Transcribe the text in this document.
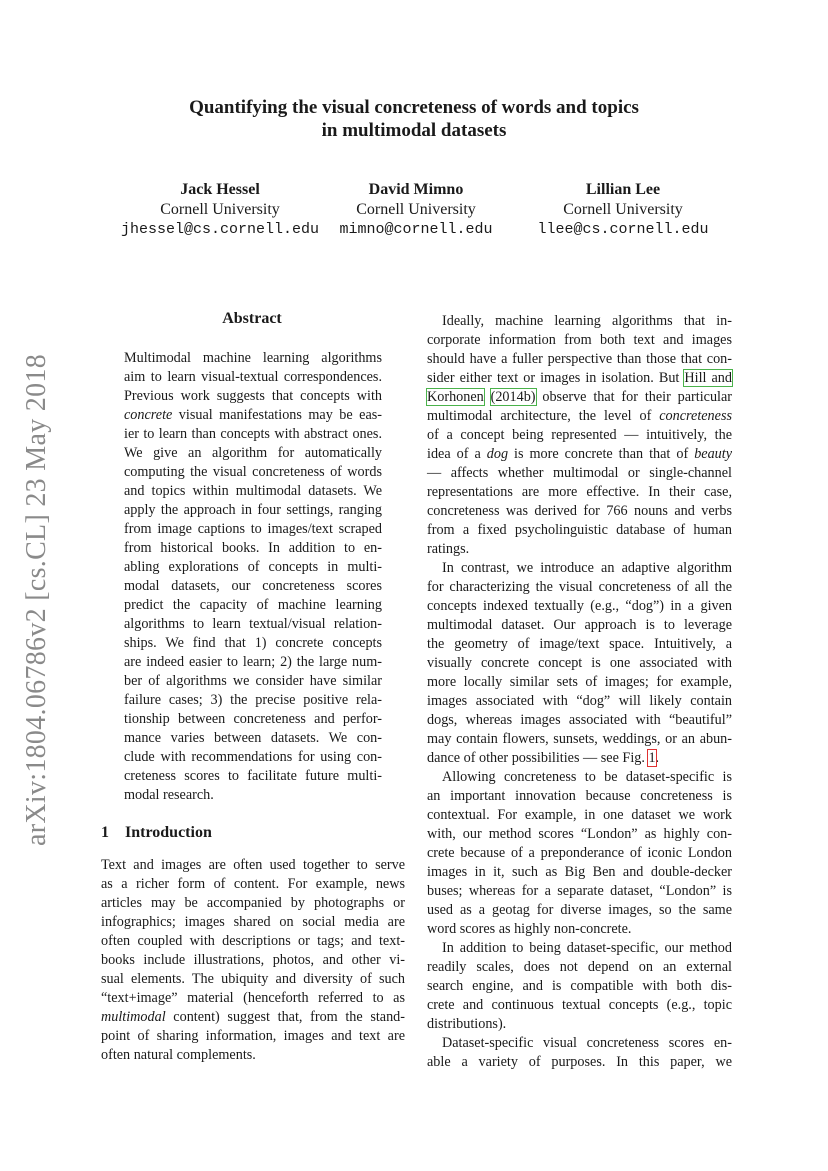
Quantifying the visual concreteness of words and topics
in multimodal datasets
Jack Hessel
Cornell University
jhessel@cs.cornell.edu
David Mimno
Cornell University
mimno@cornell.edu
Lillian Lee
Cornell University
llee@cs.cornell.edu
arXiv:1804.06786v2 [cs.CL] 23 May 2018
Abstract
Multimodal machine learning algorithms
aim to learn visual-textual correspondences.
Previous work suggests that concepts with
concrete visual manifestations may be eas-
ier to learn than concepts with abstract ones.
We give an algorithm for automatically
computing the visual concreteness of words
and topics within multimodal datasets. We
apply the approach in four settings, ranging
from image captions to images/text scraped
from historical books. In addition to en-
abling explorations of concepts in multi-
modal datasets, our concreteness scores
predict the capacity of machine learning
algorithms to learn textual/visual relation-
ships. We find that 1) concrete concepts
are indeed easier to learn; 2) the large num-
ber of algorithms we consider have similar
failure cases; 3) the precise positive rela-
tionship between concreteness and perfor-
mance varies between datasets. We con-
clude with recommendations for using con-
creteness scores to facilitate future multi-
modal research.
1 Introduction
Text and images are often used together to serve
as a richer form of content. For example, news
articles may be accompanied by photographs or
infographics; images shared on social media are
often coupled with descriptions or tags; and text-
books include illustrations, photos, and other vi-
sual elements. The ubiquity and diversity of such
“text+image” material (henceforth referred to as
multimodal content) suggest that, from the stand-
point of sharing information, images and text are
often natural complements.
Ideally, machine learning algorithms that in-
corporate information from both text and images
should have a fuller perspective than those that con-
sider either text or images in isolation. But Hill and
Korhonen (2014b) observe that for their particular
multimodal architecture, the level of concreteness
of a concept being represented — intuitively, the
idea of a dog is more concrete than that of beauty
— affects whether multimodal or single-channel
representations are more effective. In their case,
concreteness was derived for 766 nouns and verbs
from a fixed psycholinguistic database of human
ratings.
In contrast, we introduce an adaptive algorithm
for characterizing the visual concreteness of all the
concepts indexed textually (e.g., “dog”) in a given
multimodal dataset. Our approach is to leverage
the geometry of image/text space. Intuitively, a
visually concrete concept is one associated with
more locally similar sets of images; for example,
images associated with “dog” will likely contain
dogs, whereas images associated with “beautiful”
may contain flowers, sunsets, weddings, or an abun-
dance of other possibilities — see Fig. 1.
Allowing concreteness to be dataset-specific is
an important innovation because concreteness is
contextual. For example, in one dataset we work
with, our method scores “London” as highly con-
crete because of a preponderance of iconic London
images in it, such as Big Ben and double-decker
buses; whereas for a separate dataset, “London” is
used as a geotag for diverse images, so the same
word scores as highly non-concrete.
In addition to being dataset-specific, our method
readily scales, does not depend on an external
search engine, and is compatible with both dis-
crete and continuous textual concepts (e.g., topic
distributions).
Dataset-specific visual concreteness scores en-
able a variety of purposes. In this paper, we
